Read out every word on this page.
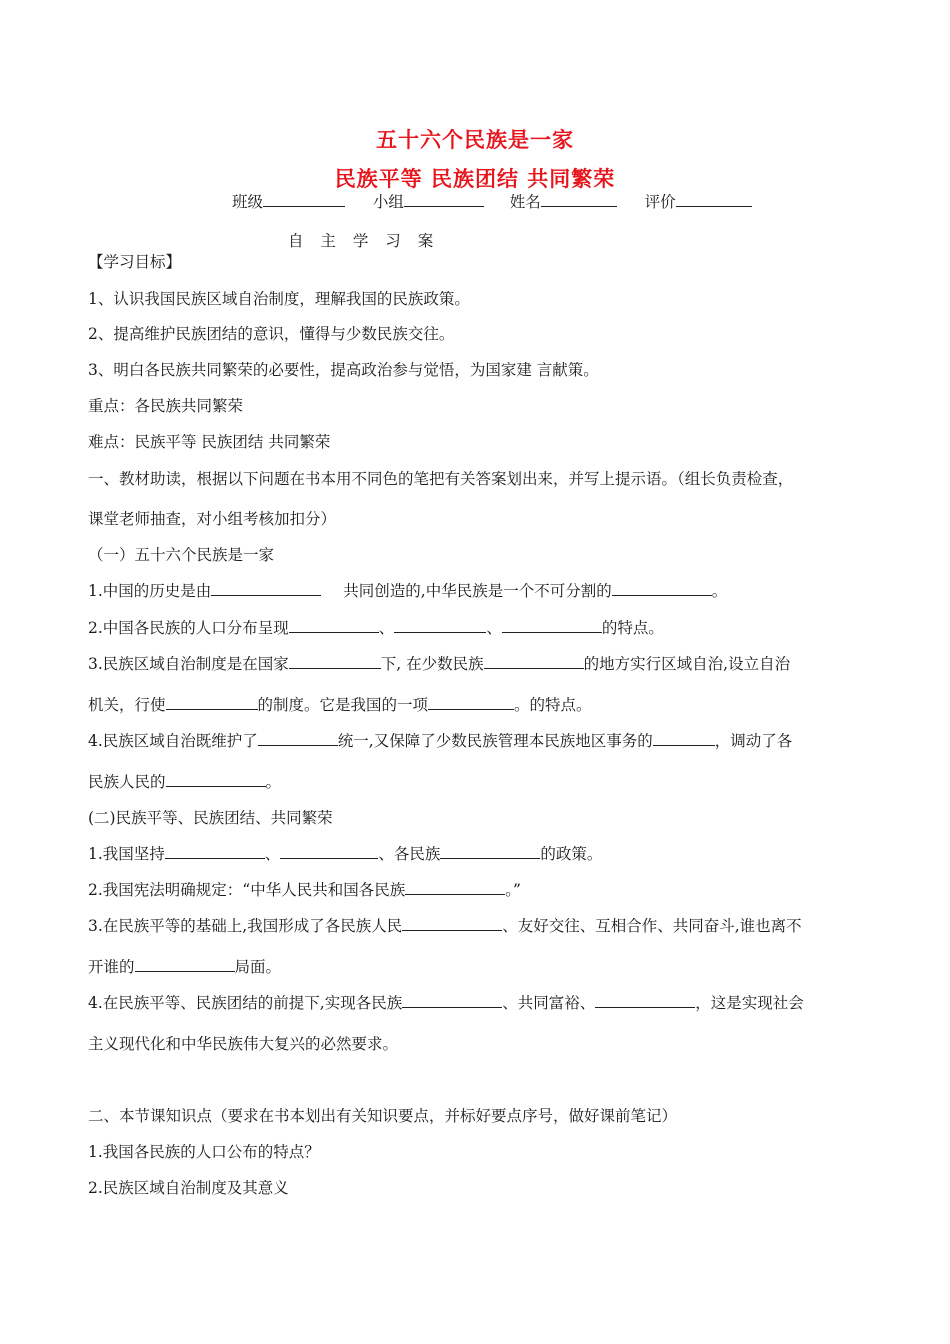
五十六个民族是一家
民族平等 民族团结 共同繁荣
班级	小组	姓名	评价
自 主 学 习 案
【学习目标】
1、认识我国民族区域自治制度，理解我国的民族政策。
2、提高维护民族团结的意识，懂得与少数民族交往。
3、明白各民族共同繁荣的必要性，提高政治参与觉悟，为国家建 言献策。
重点：各民族共同繁荣
难点：民族平等 民族团结 共同繁荣
一、教材助读，根据以下问题在书本用不同色的笔把有关答案划出来，并写上提示语。（组长负责检查，
课堂老师抽查，对小组考核加扣分）
（一）五十六个民族是一家
1.中国的历史是由	共同创造的,中华民族是一个不可分割的	。
2.中国各民族的人口分布呈现	、	、	的特点。
3.民族区域自治制度是在国家	下, 在少数民族	的地方实行区域自治,设立自治
机关，行使	的制度。它是我国的一项	。的特点。
4.民族区域自治既维护了	统一,又保障了少数民族管理本民族地区事务的	，调动了各
民族人民的	。
(二)民族平等、民族团结、共同繁荣
1.我国坚持	、	、各民族	的政策。
2.我国宪法明确规定：“中华人民共和国各民族	。”
3.在民族平等的基础上,我国形成了各民族人民	、友好交往、互相合作、共同奋斗,谁也离不
开谁的	局面。
4.在民族平等、民族团结的前提下,实现各民族	、共同富裕、	，这是实现社会
主义现代化和中华民族伟大复兴的必然要求。
二、本节课知识点（要求在书本划出有关知识要点，并标好要点序号，做好课前笔记）
1.我国各民族的人口公布的特点？
2.民族区域自治制度及其意义
